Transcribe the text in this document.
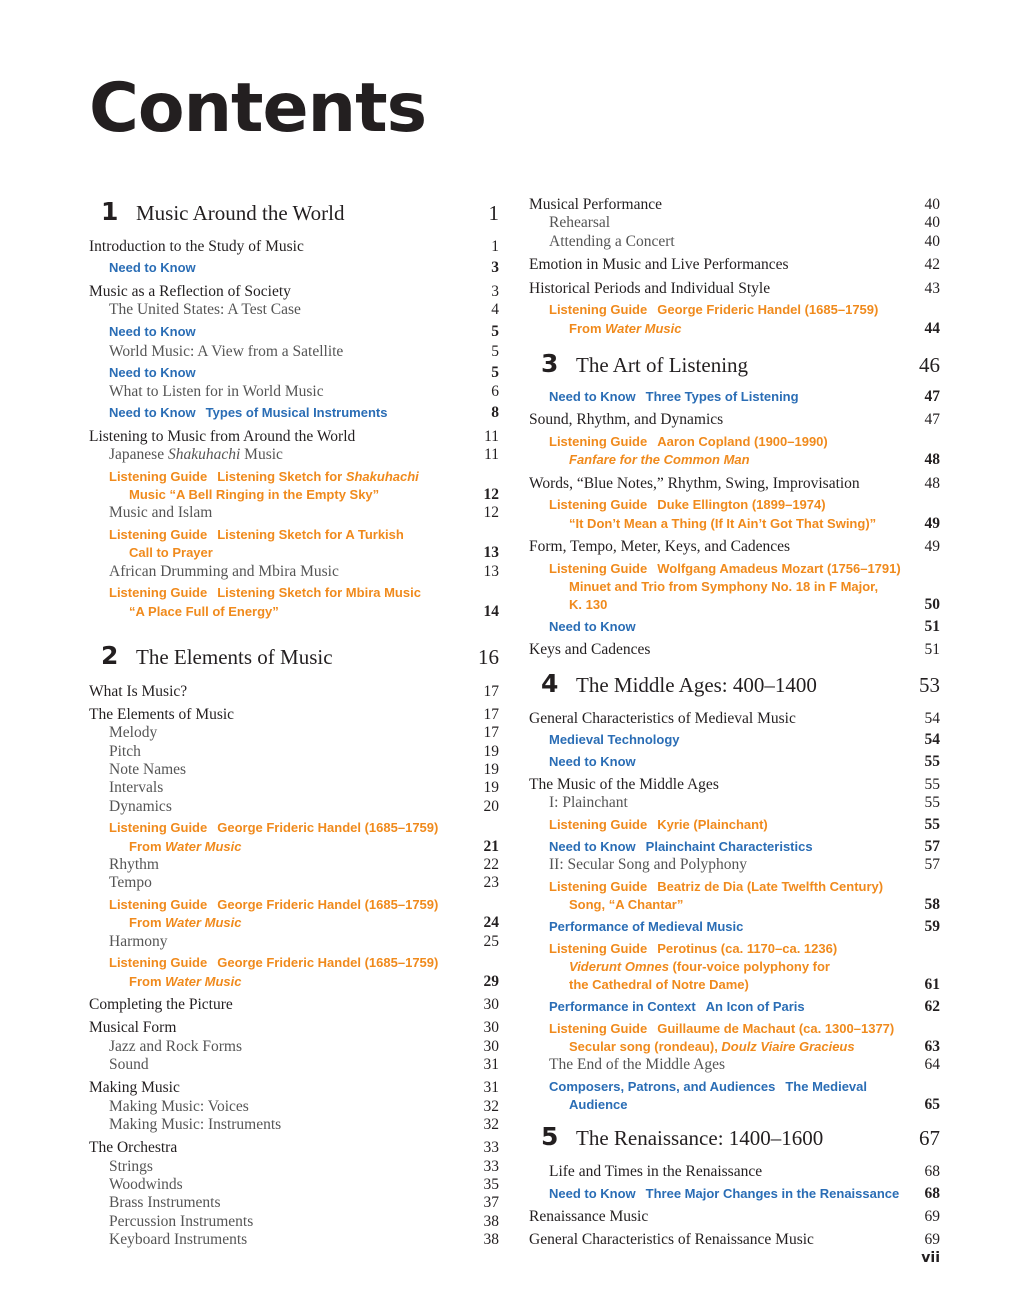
Contents
1 Music Around the World	1
Introduction to the Study of Music	1
Need to Know	3
Music as a Reflection of Society	3
The United States: A Test Case	4
Need to Know	5
World Music: A View from a Satellite	5
Need to Know	5
What to Listen for in World Music	6
Need to Know Types of Musical Instruments	8
Listening to Music from Around the World	11
Japanese Shakuhachi Music	11
Listening Guide Listening Sketch for Shakuhachi
Music “A Bell Ringing in the Empty Sky”	12
Music and Islam	12
Listening Guide Listening Sketch for A Turkish
Call to Prayer	13
African Drumming and Mbira Music	13
Listening Guide Listening Sketch for Mbira Music
“A Place Full of Energy”	14
2 The Elements of Music	16
What Is Music?	17
The Elements of Music	17
Melody	17
Pitch	19
Note Names	19
Intervals	19
Dynamics	20
Listening Guide George Frideric Handel (1685–1759)
From Water Music	21
Rhythm	22
Tempo	23
Listening Guide George Frideric Handel (1685–1759)
From Water Music	24
Harmony	25
Listening Guide George Frideric Handel (1685–1759)
From Water Music	29
Completing the Picture	30
Musical Form	30
Jazz and Rock Forms	30
Sound	31
Making Music	31
Making Music: Voices	32
Making Music: Instruments	32
The Orchestra	33
Strings	33
Woodwinds	35
Brass Instruments	37
Percussion Instruments	38
Keyboard Instruments	38
Musical Performance	40
Rehearsal	40
Attending a Concert	40
Emotion in Music and Live Performances	42
Historical Periods and Individual Style	43
Listening Guide George Frideric Handel (1685–1759)
From Water Music	44
3 The Art of Listening	46
Need to Know Three Types of Listening	47
Sound, Rhythm, and Dynamics	47
Listening Guide Aaron Copland (1900–1990)
Fanfare for the Common Man	48
Words, “Blue Notes,” Rhythm, Swing, Improvisation	48
Listening Guide Duke Ellington (1899–1974)
“It Don’t Mean a Thing (If It Ain’t Got That Swing)”	49
Form, Tempo, Meter, Keys, and Cadences	49
Listening Guide Wolfgang Amadeus Mozart (1756–1791)
Minuet and Trio from Symphony No. 18 in F Major,
K. 130	50
Need to Know	51
Keys and Cadences	51
4 The Middle Ages: 400–1400	53
General Characteristics of Medieval Music	54
Medieval Technology	54
Need to Know	55
The Music of the Middle Ages	55
I: Plainchant	55
Listening Guide Kyrie (Plainchant)	55
Need to Know Plainchaint Characteristics	57
II: Secular Song and Polyphony	57
Listening Guide Beatriz de Dia (Late Twelfth Century)
Song, “A Chantar”	58
Performance of Medieval Music	59
Listening Guide Perotinus (ca. 1170–ca. 1236)
Viderunt Omnes (four-voice polyphony for
the Cathedral of Notre Dame)	61
Performance in Context An Icon of Paris	62
Listening Guide Guillaume de Machaut (ca. 1300–1377)
Secular song (rondeau), Doulz Viaire Gracieus	63
The End of the Middle Ages	64
Composers, Patrons, and Audiences The Medieval
Audience	65
5 The Renaissance: 1400–1600	67
Life and Times in the Renaissance	68
Need to Know Three Major Changes in the Renaissance 68
Renaissance Music	69
General Characteristics of Renaissance Music	69
vii
